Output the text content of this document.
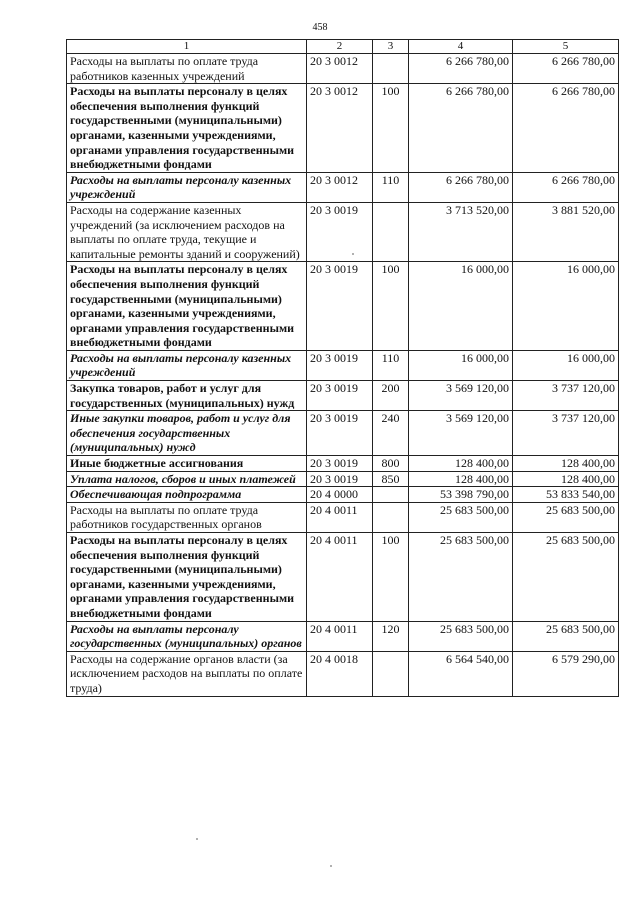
458
1	2	3	4	5
Расходы на выплаты по оплате труда работников казенных учреждений	20 3 0012		6 266 780,00	6 266 780,00
Расходы на выплаты персоналу в целях обеспечения выполнения функций государственными (муниципальными) органами, казенными учреждениями, органами управления государственными внебюджетными фондами	20 3 0012	100	6 266 780,00	6 266 780,00
Расходы на выплаты персоналу казенных учреждений	20 3 0012	110	6 266 780,00	6 266 780,00
Расходы на содержание казенных учреждений (за исключением расходов на выплаты по оплате труда, текущие и капитальные ремонты зданий и сооружений)	20 3 0019		3 713 520,00	3 881 520,00
Расходы на выплаты персоналу в целях обеспечения выполнения функций государственными (муниципальными) органами, казенными учреждениями, органами управления государственными внебюджетными фондами	20 3 0019	100	16 000,00	16 000,00
Расходы на выплаты персоналу казенных учреждений	20 3 0019	110	16 000,00	16 000,00
Закупка товаров, работ и услуг для государственных (муниципальных) нужд	20 3 0019	200	3 569 120,00	3 737 120,00
Иные закупки товаров, работ и услуг для обеспечения государственных (муниципальных) нужд	20 3 0019	240	3 569 120,00	3 737 120,00
Иные бюджетные ассигнования	20 3 0019	800	128 400,00	128 400,00
Уплата налогов, сборов и иных платежей	20 3 0019	850	128 400,00	128 400,00
Обеспечивающая подпрограмма	20 4 0000		53 398 790,00	53 833 540,00
Расходы на выплаты по оплате труда работников государственных органов	20 4 0011		25 683 500,00	25 683 500,00
Расходы на выплаты персоналу в целях обеспечения выполнения функций государственными (муниципальными) органами, казенными учреждениями, органами управления государственными внебюджетными фондами	20 4 0011	100	25 683 500,00	25 683 500,00
Расходы на выплаты персоналу государственных (муниципальных) органов	20 4 0011	120	25 683 500,00	25 683 500,00
Расходы на содержание органов власти (за исключением расходов на выплаты по оплате труда)	20 4 0018		6 564 540,00	6 579 290,00
